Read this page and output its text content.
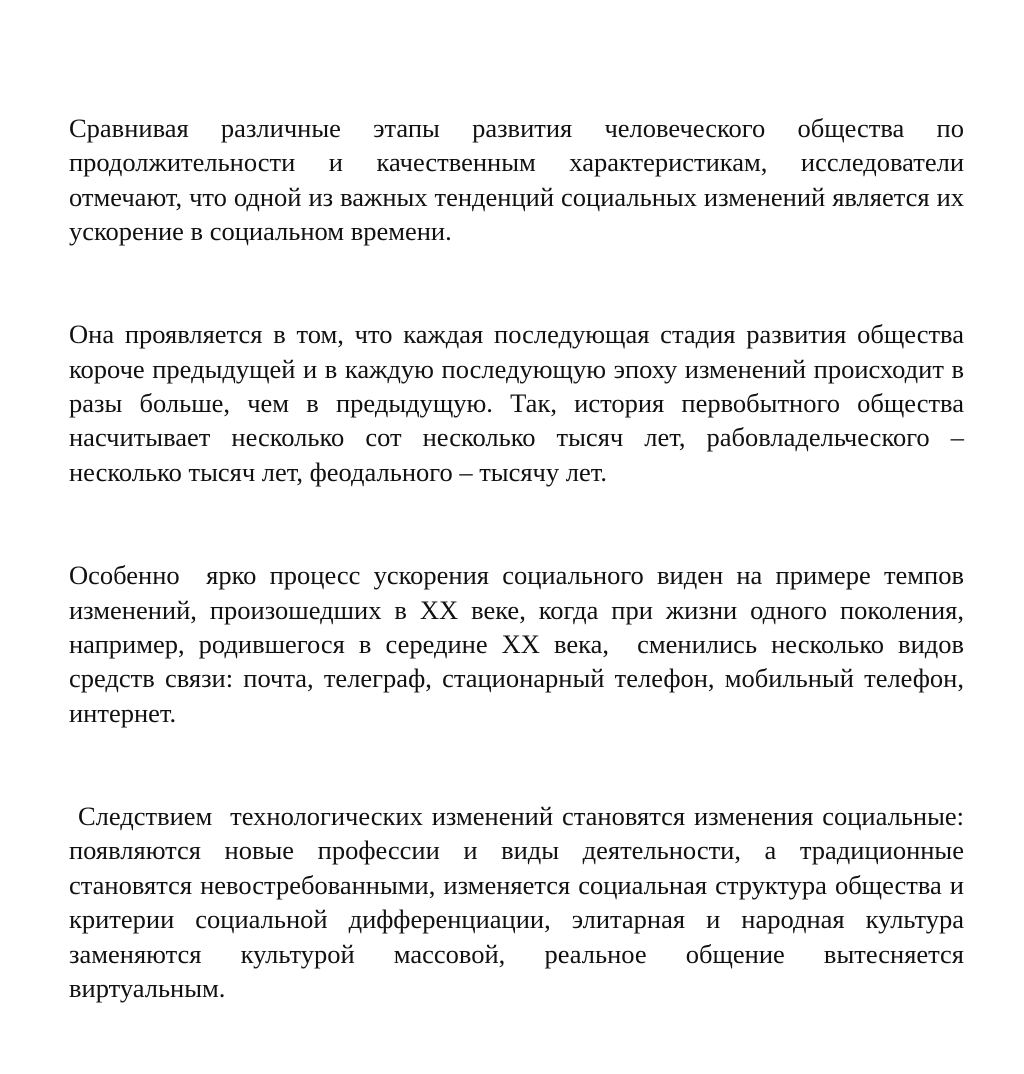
Сравнивая различные этапы развития человеческого общества по продолжительности и качественным характеристикам, исследователи отмечают, что одной из важных тенденций социальных изменений является их ускорение в социальном времени.

Она проявляется в том, что каждая последующая стадия развития общества короче предыдущей и в каждую последующую эпоху изменений происходит в разы больше, чем в предыдущую. Так, история первобытного общества насчитывает несколько сот несколько тысяч лет, рабовладельческого – несколько тысяч лет, феодального – тысячу лет.

Особенно  ярко процесс ускорения социального виден на примере темпов изменений, произошедших в XX веке, когда при жизни одного поколения, например, родившегося в середине XX века,  сменились несколько видов средств связи: почта, телеграф, стационарный телефон, мобильный телефон, интернет.

Следствием  технологических изменений становятся изменения социальные: появляются новые профессии и виды деятельности, а традиционные становятся невостребованными, изменяется социальная структура общества и критерии социальной дифференциации, элитарная и народная культура заменяются культурой массовой, реальное общение вытесняется виртуальным.
